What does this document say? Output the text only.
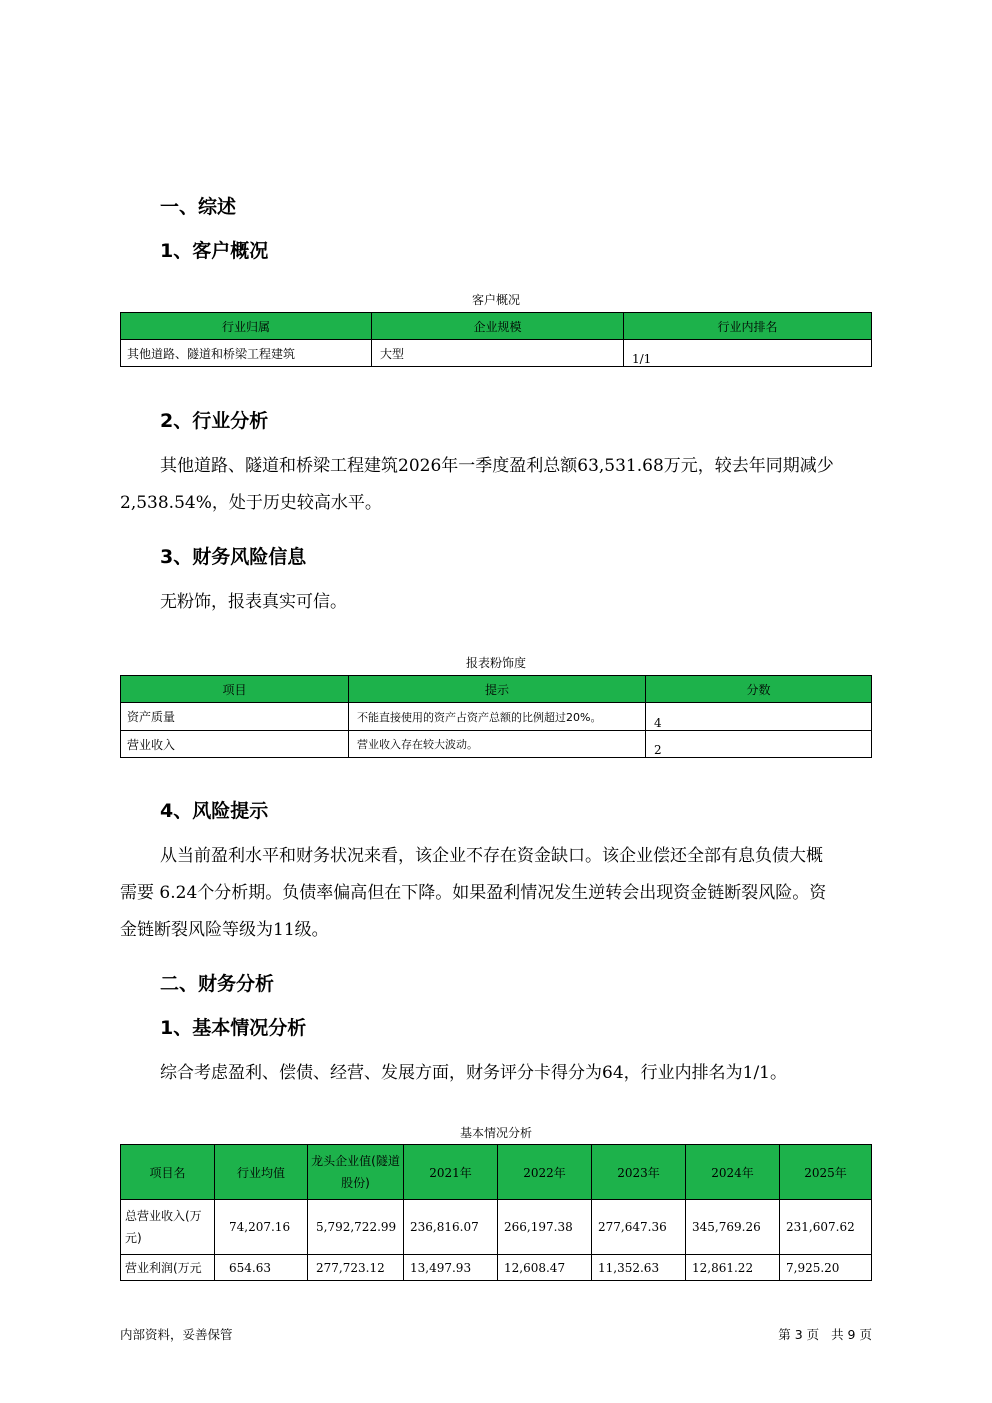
一、综述
1、客户概况
客户概况
行业归属	企业规模	行业内排名
其他道路、隧道和桥梁工程建筑	大型	1/1
2、行业分析
其他道路、隧道和桥梁工程建筑2026年一季度盈利总额63,531.68万元，较去年同期减少
2,538.54%，处于历史较高水平。
3、财务风险信息
无粉饰，报表真实可信。
报表粉饰度
项目	提示	分数
资产质量	不能直接使用的资产占资产总额的比例超过20%。	4
营业收入	营业收入存在较大波动。	2
4、风险提示
从当前盈利水平和财务状况来看，该企业不存在资金缺口。该企业偿还全部有息负债大概
需要 6.24个分析期。负债率偏高但在下降。如果盈利情况发生逆转会出现资金链断裂风险。资
金链断裂风险等级为11级。
二、财务分析
1、基本情况分析
综合考虑盈利、偿债、经营、发展方面，财务评分卡得分为64，行业内排名为1/1。
基本情况分析
项目名	行业均值	龙头企业值(隧道股份)	2021年	2022年	2023年	2024年	2025年
总营业收入(万元)	74,207.16	5,792,722.99	236,816.07	266,197.38	277,647.36	345,769.26	231,607.62
营业利润(万元	654.63	277,723.12	13,497.93	12,608.47	11,352.63	12,861.22	7,925.20
内部资料，妥善保管	第 3 页   共 9 页
